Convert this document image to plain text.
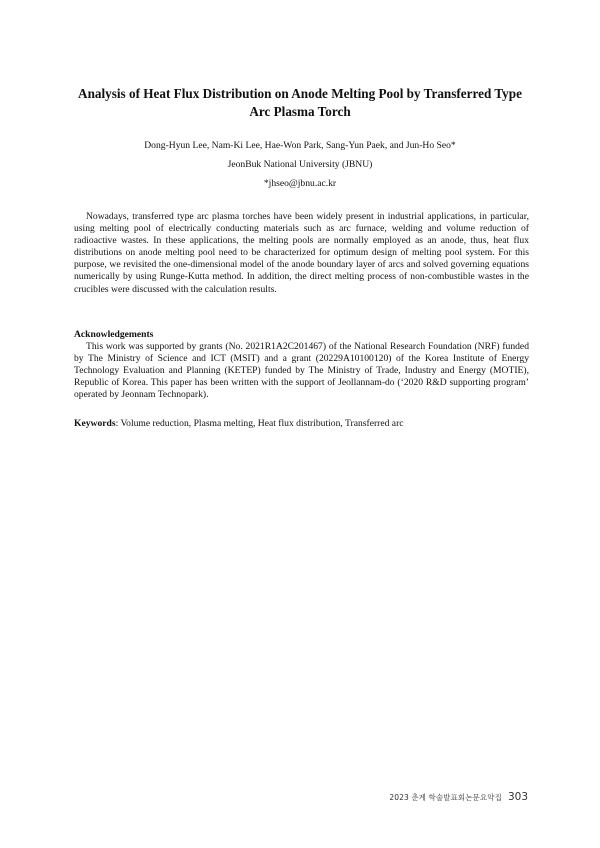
Analysis of Heat Flux Distribution on Anode Melting Pool by Transferred Type Arc Plasma Torch
Dong-Hyun Lee, Nam-Ki Lee, Hae-Won Park, Sang-Yun Paek, and Jun-Ho Seo*
JeonBuk National University (JBNU)
*jhseo@jbnu.ac.kr

Nowadays, transferred type arc plasma torches have been widely present in industrial applications, in particular, using melting pool of electrically conducting materials such as arc furnace, welding and volume reduction of radioactive wastes. In these applications, the melting pools are normally employed as an anode, thus, heat flux distributions on anode melting pool need to be characterized for optimum design of melting pool system. For this purpose, we revisited the one-dimensional model of the anode boundary layer of arcs and solved governing equations numerically by using Runge-Kutta method. In addition, the direct melting process of non-combustible wastes in the crucibles were discussed with the calculation results.

Acknowledgements

This work was supported by grants (No. 2021R1A2C201467) of the National Research Foundation (NRF) funded by The Ministry of Science and ICT (MSIT) and a grant (20229A10100120) of the Korea Institute of Energy Technology Evaluation and Planning (KETEP) funded by The Ministry of Trade, Industry and Energy (MOTIE), Republic of Korea. This paper has been written with the support of Jeollannam-do (‘2020 R&D supporting program’ operated by Jeonnam Technopark).

Keywords: Volume reduction, Plasma melting, Heat flux distribution, Transferred arc

2023 춘계 학술발표회논문요약집 303
